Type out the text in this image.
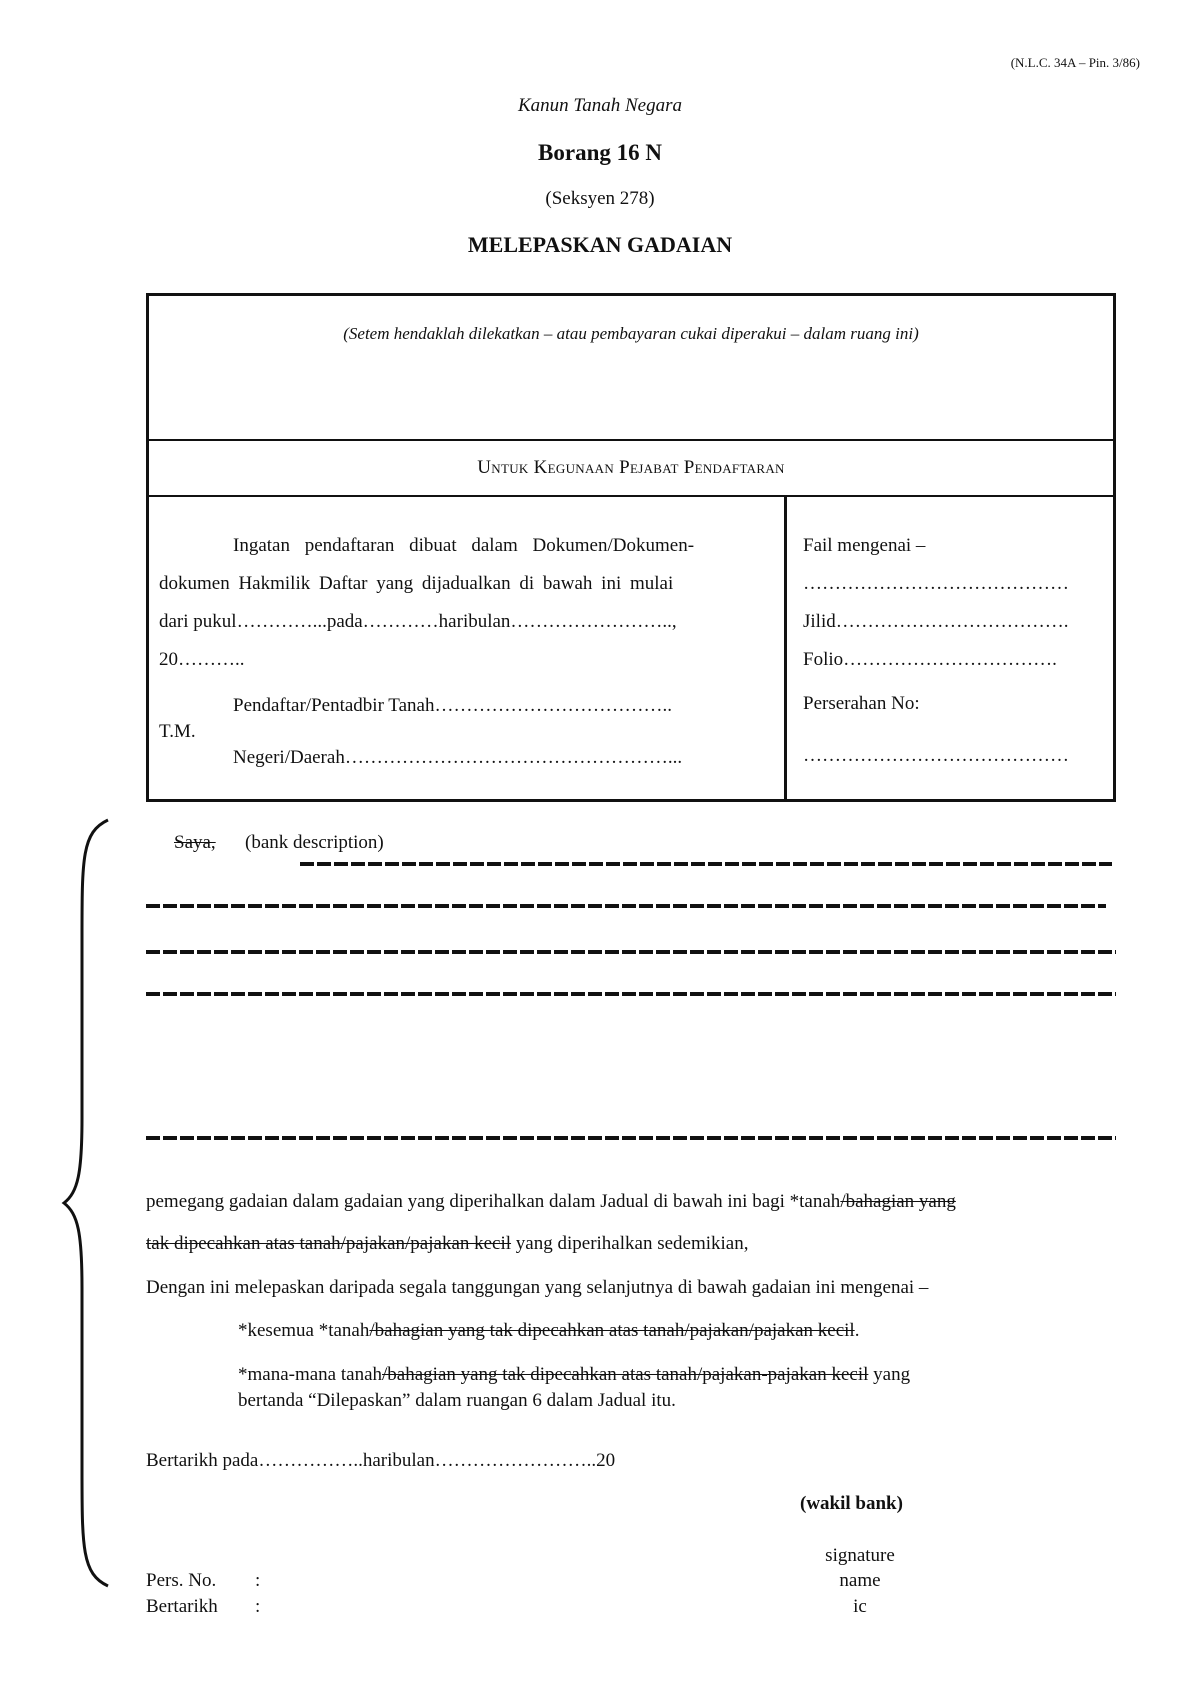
(N.L.C. 34A – Pin. 3/86)
Kanun Tanah Negara
Borang 16 N
(Seksyen 278)
MELEPASKAN GADAIAN
(Setem hendaklah dilekatkan – atau pembayaran cukai diperakui – dalam ruang ini)
Untuk Kegunaan Pejabat Pendaftaran
Ingatan pendaftaran dibuat dalam Dokumen/Dokumen-
dokumen Hakmilik Daftar yang dijadualkan di bawah ini mulai
dari pukul…………...pada…………haribulan……………………..,
20………..
Pendaftar/Pentadbir Tanah………………………………..
T.M.
Negeri/Daerah……………………………………………...
Fail mengenai –
……………………………………
Jilid……………………………….
Folio…………………………….
Perserahan No:
……………………………………
Saya, (bank description)
pemegang gadaian dalam gadaian yang diperihalkan dalam Jadual di bawah ini bagi *tanah/bahagian yang
tak dipecahkan atas tanah/pajakan/pajakan kecil yang diperihalkan sedemikian,
Dengan ini melepaskan daripada segala tanggungan yang selanjutnya di bawah gadaian ini mengenai –
*kesemua *tanah/bahagian yang tak dipecahkan atas tanah/pajakan/pajakan kecil.
*mana-mana tanah/bahagian yang tak dipecahkan atas tanah/pajakan-pajakan kecil yang
bertanda “Dilepaskan” dalam ruangan 6 dalam Jadual itu.
Bertarikh pada……………..haribulan……………………..20
(wakil bank)
signature
name
ic
Pers. No. :
Bertarikh :
